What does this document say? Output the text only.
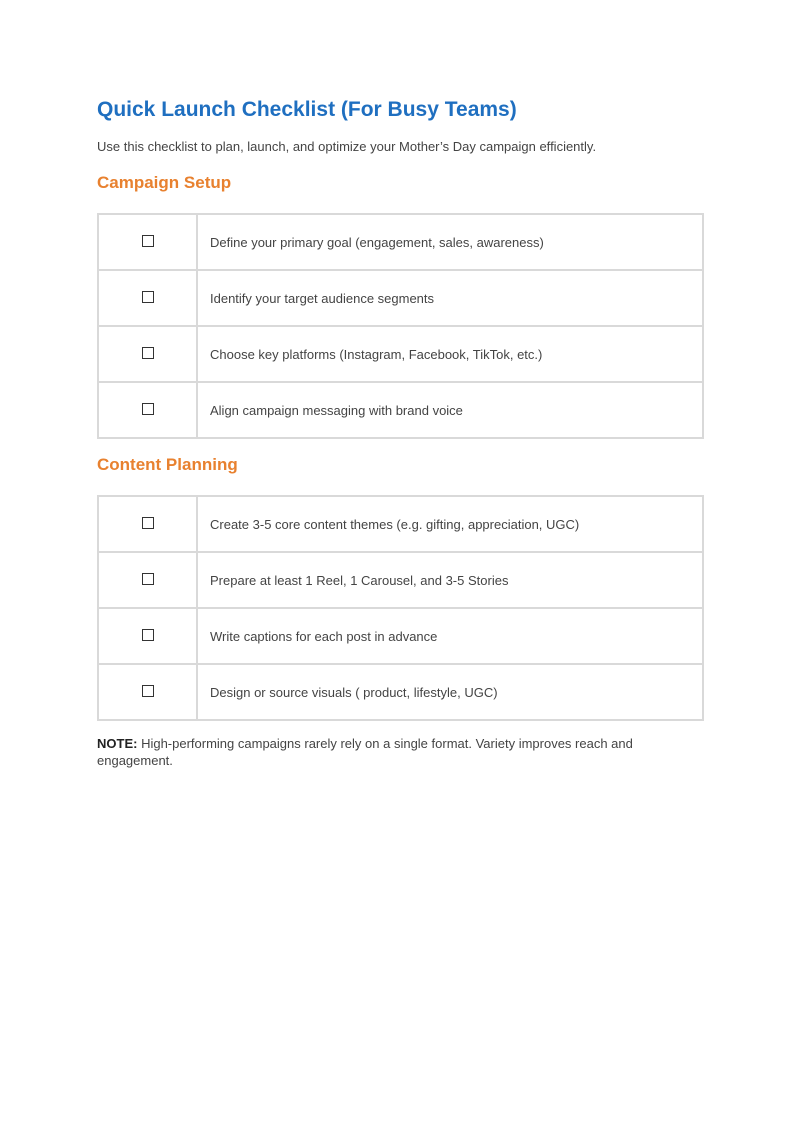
Quick Launch Checklist (For Busy Teams)
Use this checklist to plan, launch, and optimize your Mother’s Day campaign efficiently.
Campaign Setup
	Define your primary goal (engagement, sales, awareness)
	Identify your target audience segments
	Choose key platforms (Instagram, Facebook, TikTok, etc.)
	Align campaign messaging with brand voice
Content Planning
	Create 3-5 core content themes (e.g. gifting, appreciation, UGC)
	Prepare at least 1 Reel, 1 Carousel, and 3-5 Stories
	Write captions for each post in advance
	Design or source visuals ( product, lifestyle, UGC)
NOTE: High-performing campaigns rarely rely on a single format. Variety improves reach and engagement.
